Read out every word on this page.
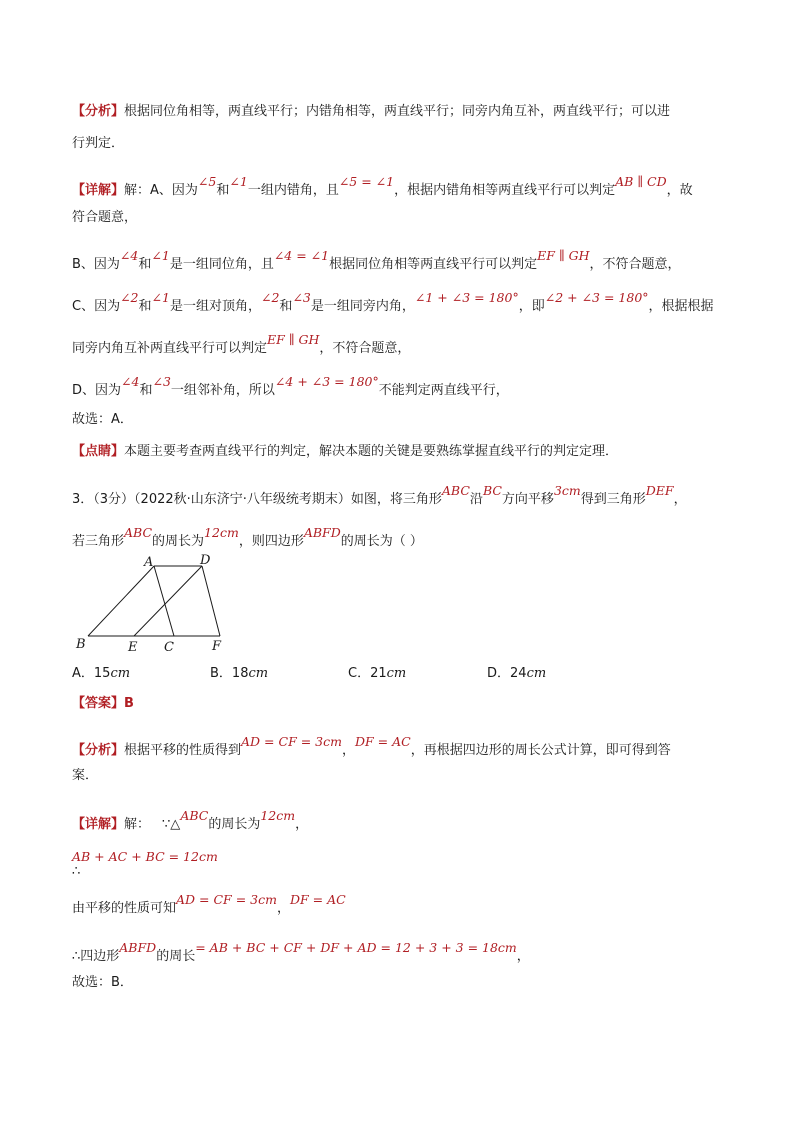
【分析】根据同位角相等，两直线平行；内错角相等，两直线平行；同旁内角互补，两直线平行；可以进
行判定．
【详解】解：A、因为∠5和∠1一组内错角，且∠5 = ∠1，根据内错角相等两直线平行可以判定AB ∥ CD，故
符合题意，
B、因为∠4和∠1是一组同位角，且∠4 = ∠1根据同位角相等两直线平行可以判定EF ∥ GH，不符合题意，
C、因为∠2和∠1是一组对顶角，∠2和∠3是一组同旁内角，∠1 + ∠3 = 180°，即∠2 + ∠3 = 180°，根据根据
同旁内角互补两直线平行可以判定EF ∥ GH，不符合题意，
D、因为∠4和∠3一组邻补角，所以∠4 + ∠3 = 180°不能判定两直线平行，
故选：A．
【点睛】本题主要考查两直线平行的判定，解决本题的关键是要熟练掌握直线平行的判定定理．
3．（3分）（2022秋·山东济宁·八年级统考期末）如图，将三角形ABC沿BC方向平移3cm得到三角形DEF，
若三角形ABC的周长为12cm，则四边形ABFD的周长为（ ）
A	D
B	E C	F
A．15cm	B．18cm	C．21cm	D．24cm
【答案】B
【分析】根据平移的性质得到AD = CF = 3cm，DF = AC，再根据四边形的周长公式计算，即可得到答
案．
【详解】解： ∵△ABC的周长为12cm，
AB + AC + BC = 12cm
∴
由平移的性质可知AD = CF = 3cm，DF = AC
∴四边形ABFD的周长= AB + BC + CF + DF + AD = 12 + 3 + 3 = 18cm，
故选：B．
